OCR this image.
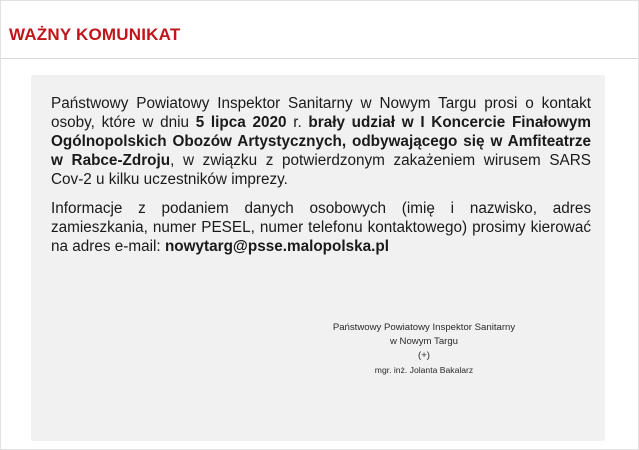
WAŻNY KOMUNIKAT

Państwowy Powiatowy Inspektor Sanitarny w Nowym Targu prosi o kontakt osoby, które w dniu 5 lipca 2020 r. brały udział w I Koncercie Finałowym Ogólnopolskich Obozów Artystycznych, odbywającego się w Amfiteatrze w Rabce-Zdroju, w związku z potwierdzonym zakażeniem wirusem SARS Cov-2 u kilku uczestników imprezy.

Informacje z podaniem danych osobowych (imię i nazwisko, adres zamieszkania, numer PESEL, numer telefonu kontaktowego) prosimy kierować na adres e-mail: nowytarg@psse.malopolska.pl

Państwowy Powiatowy Inspektor Sanitarny
w Nowym Targu
(+)
mgr. inż. Jolanta Bakalarz
